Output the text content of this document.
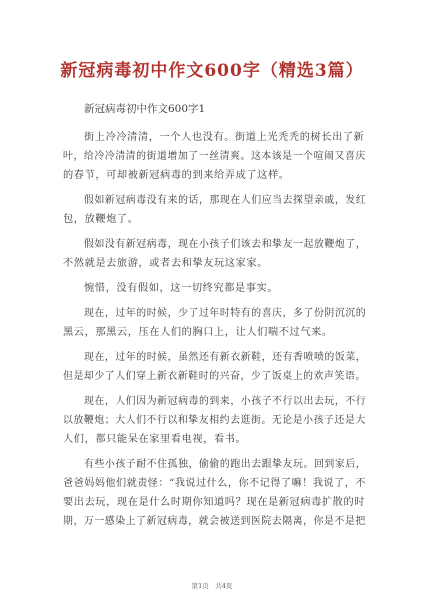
新冠病毒初中作文600字（精选3篇）
新冠病毒初中作文600字1
街上冷冷清清，一个人也没有。街道上光秃秃的树长出了新
叶，给冷冷清清的街道增加了一丝清爽。这本该是一个喧闹又喜庆
的春节，可却被新冠病毒的到来给弄成了这样。
假如新冠病毒没有来的话，那现在人们应当去探望亲戚，发红
包，放鞭炮了。
假如没有新冠病毒，现在小孩子们该去和挚友一起放鞭炮了，
不然就是去旅游，或者去和挚友玩这家家。
惋惜，没有假如，这一切终究都是事实。
现在，过年的时候，少了过年时特有的喜庆，多了份阴沉沉的
黑云，那黑云，压在人们的胸口上，让人们喘不过气来。
现在，过年的时候，虽然还有新衣新鞋，还有香喷喷的饭菜，
但是却少了人们穿上新衣新鞋时的兴奋，少了饭桌上的欢声笑语。
现在，人们因为新冠病毒的到来，小孩子不行以出去玩，不行
以放鞭炮；大人们不行以和挚友相约去逛街。无论是小孩子还是大
人们，都只能呆在家里看电视，看书。
有些小孩子耐不住孤独，偷偷的跑出去跟挚友玩。回到家后，
爸爸妈妈他们就责怪：“我说过什么，你不记得了嘛！我说了，不
要出去玩，现在是什么时期你知道吗？现在是新冠病毒扩散的时
期，万一感染上了新冠病毒，就会被送到医院去隔离，你是不是把
第1页　共4页
